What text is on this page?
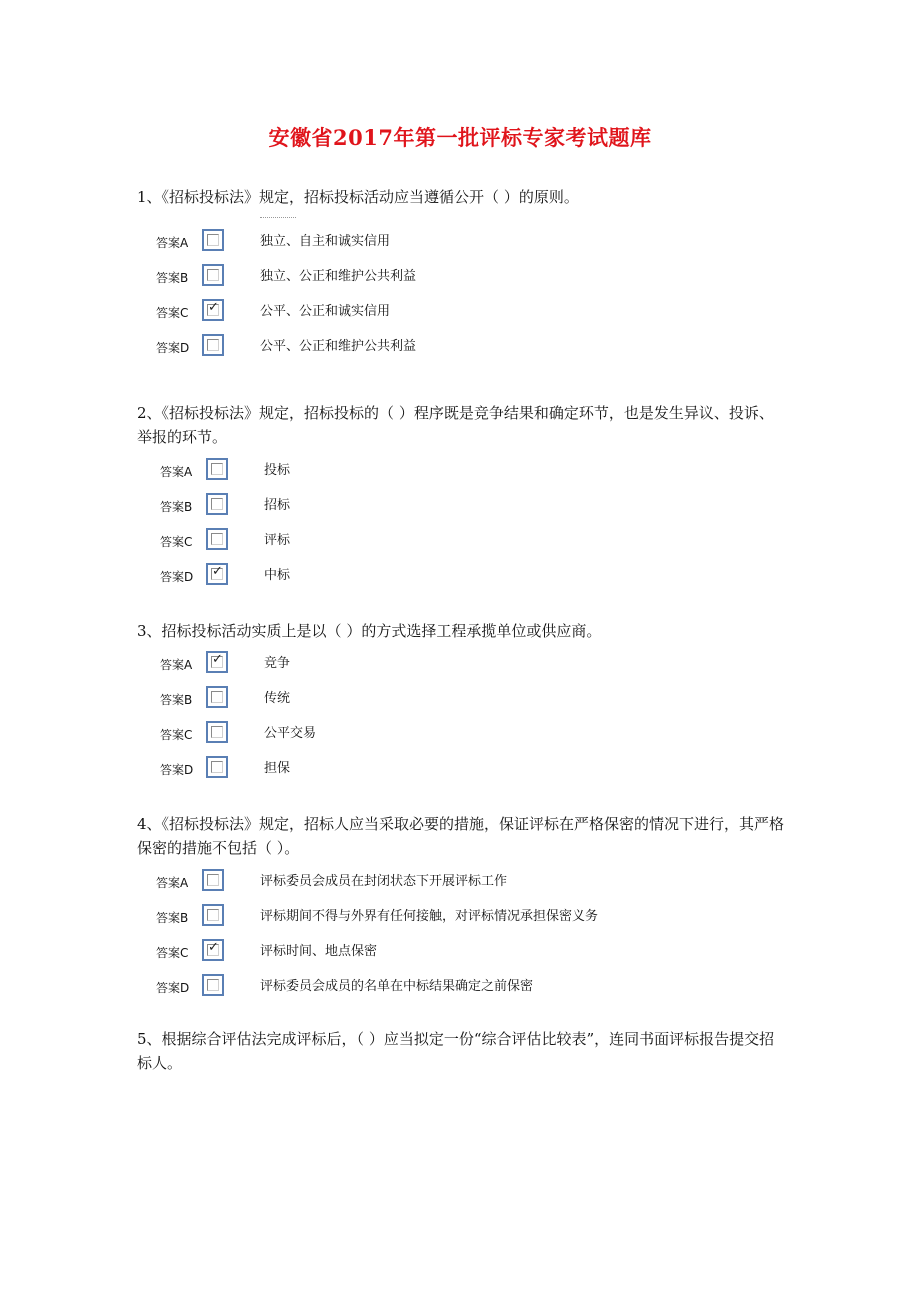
安徽省2017年第一批评标专家考试题库
1、《招标投标法》规定，招标投标活动应当遵循公开（ ）的原则。
答案A	独立、自主和诚实信用
答案B	独立、公正和维护公共利益
答案C ✓	公平、公正和诚实信用
答案D	公平、公正和维护公共利益
2、《招标投标法》规定，招标投标的（ ）程序既是竞争结果和确定环节，也是发生异议、投诉、举报的环节。
答案A	投标
答案B	招标
答案C	评标
答案D ✓	中标
3、招标投标活动实质上是以（ ）的方式选择工程承揽单位或供应商。
答案A ✓	竞争
答案B	传统
答案C	公平交易
答案D	担保
4、《招标投标法》规定，招标人应当采取必要的措施，保证评标在严格保密的情况下进行，其严格保密的措施不包括（ ）。
答案A	评标委员会成员在封闭状态下开展评标工作
答案B	评标期间不得与外界有任何接触，对评标情况承担保密义务
答案C ✓	评标时间、地点保密
答案D	评标委员会成员的名单在中标结果确定之前保密
5、根据综合评估法完成评标后，（ ）应当拟定一份“综合评估比较表”，连同书面评标报告提交招标人。
